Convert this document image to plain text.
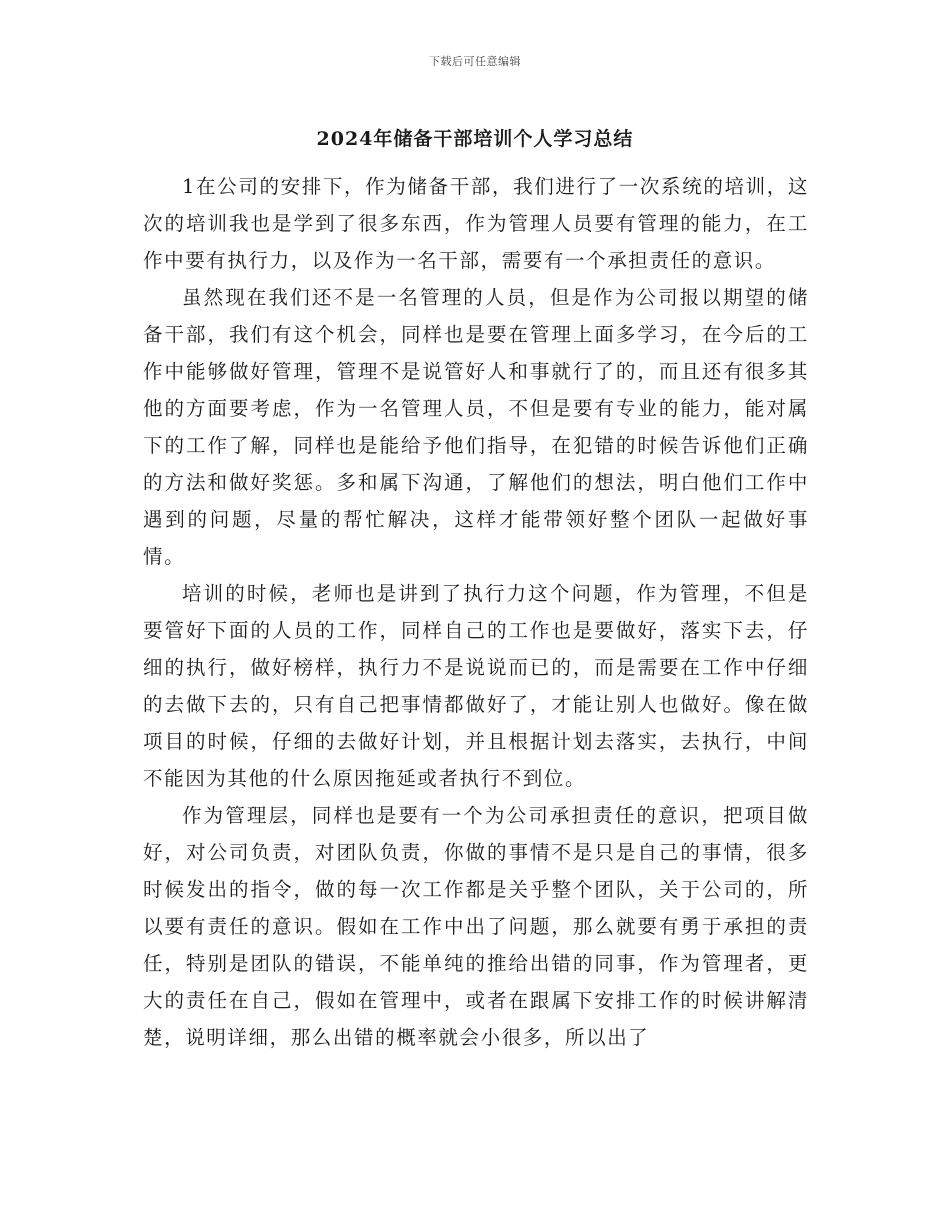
下载后可任意编辑
2024年储备干部培训个人学习总结

1在公司的安排下，作为储备干部，我们进行了一次系统的培训，这次的培训我也是学到了很多东西，作为管理人员要有管理的能力，在工作中要有执行力，以及作为一名干部，需要有一个承担责任的意识。

虽然现在我们还不是一名管理的人员，但是作为公司报以期望的储备干部，我们有这个机会，同样也是要在管理上面多学习，在今后的工作中能够做好管理，管理不是说管好人和事就行了的，而且还有很多其他的方面要考虑，作为一名管理人员，不但是要有专业的能力，能对属下的工作了解，同样也是能给予他们指导，在犯错的时候告诉他们正确的方法和做好奖惩。多和属下沟通，了解他们的想法，明白他们工作中遇到的问题，尽量的帮忙解决，这样才能带领好整个团队一起做好事情。

培训的时候，老师也是讲到了执行力这个问题，作为管理，不但是要管好下面的人员的工作，同样自己的工作也是要做好，落实下去，仔细的执行，做好榜样，执行力不是说说而已的，而是需要在工作中仔细的去做下去的，只有自己把事情都做好了，才能让别人也做好。像在做项目的时候，仔细的去做好计划，并且根据计划去落实，去执行，中间不能因为其他的什么原因拖延或者执行不到位。

作为管理层，同样也是要有一个为公司承担责任的意识，把项目做好，对公司负责，对团队负责，你做的事情不是只是自己的事情，很多时候发出的指令，做的每一次工作都是关乎整个团队，关于公司的，所以要有责任的意识。假如在工作中出了问题，那么就要有勇于承担的责任，特别是团队的错误，不能单纯的推给出错的同事，作为管理者，更大的责任在自己，假如在管理中，或者在跟属下安排工作的时候讲解清楚，说明详细，那么出错的概率就会小很多，所以出了
